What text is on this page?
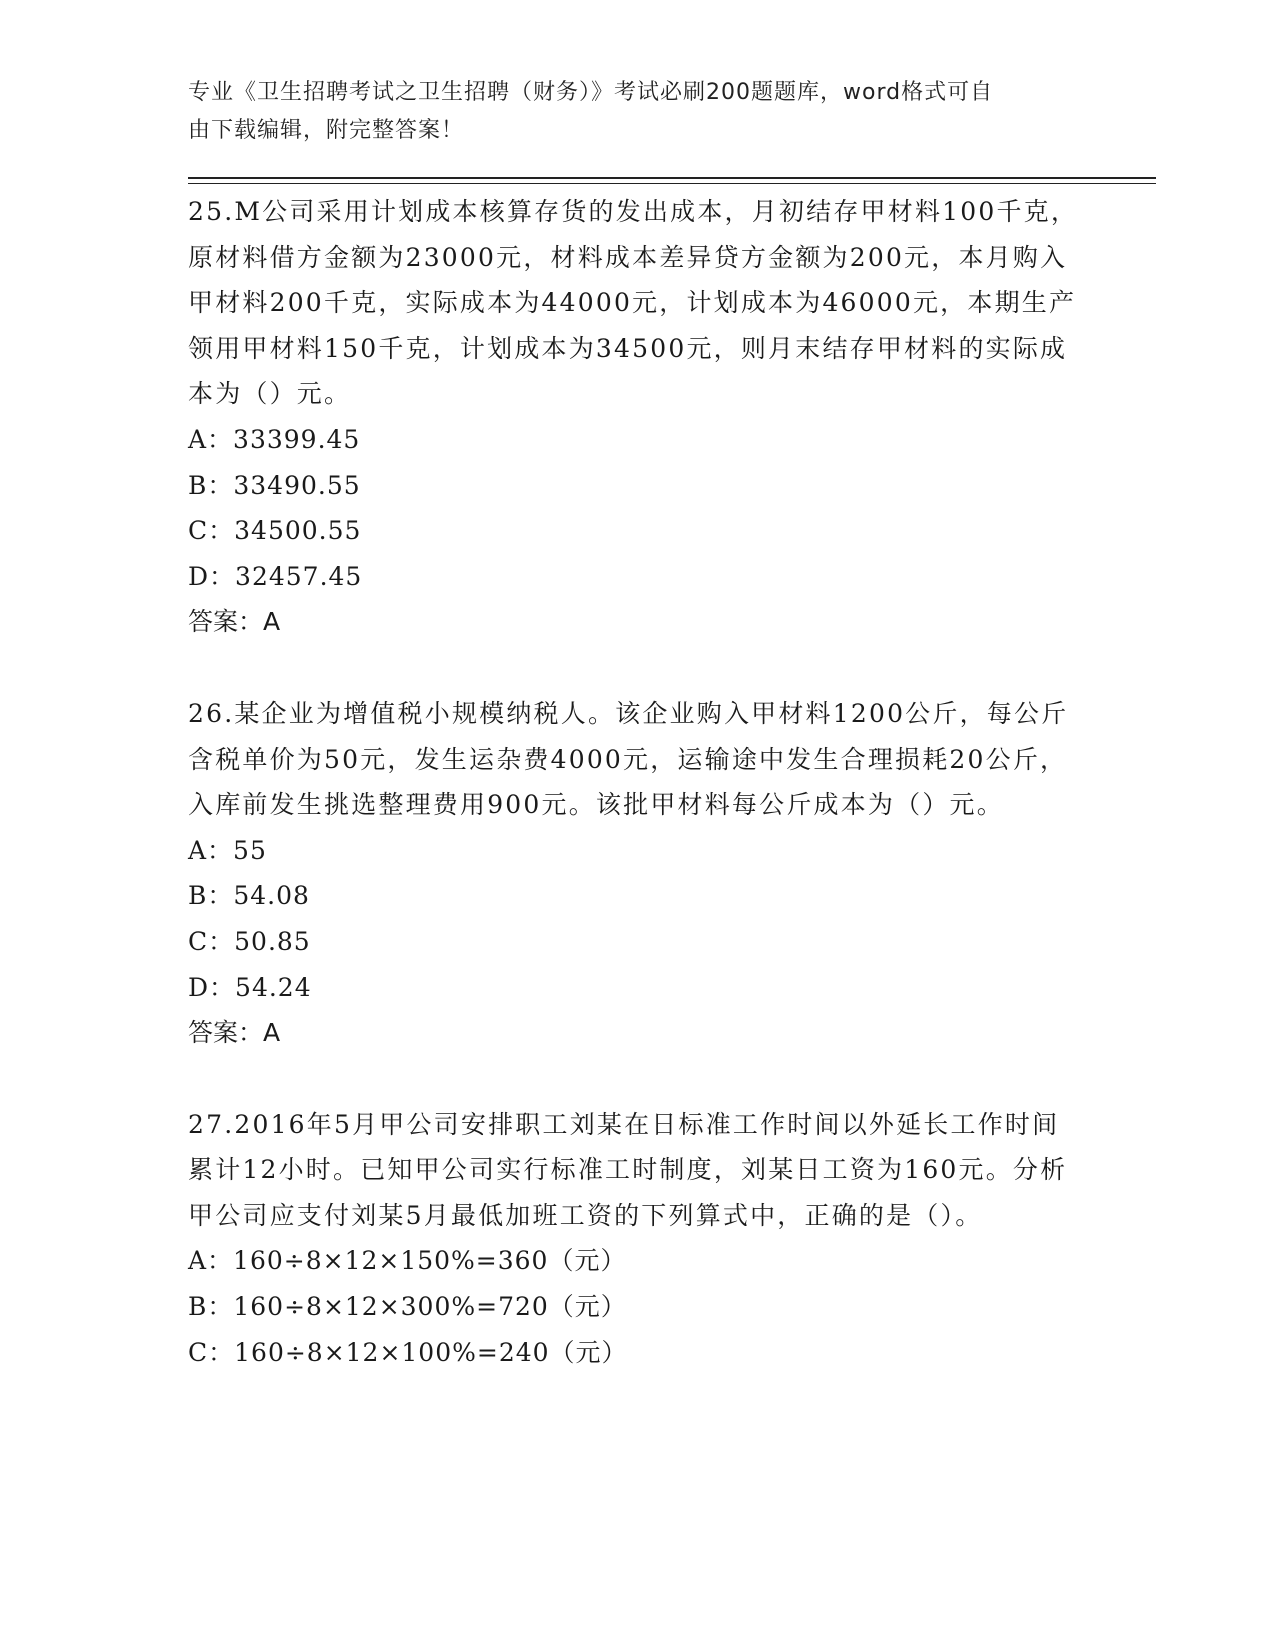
专业《卫生招聘考试之卫生招聘（财务）》考试必刷200题题库，word格式可自
由下载编辑，附完整答案！

25.M公司采用计划成本核算存货的发出成本，月初结存甲材料100千克，原材料借方金额为23000元，材料成本差异贷方金额为200元，本月购入甲材料200千克，实际成本为44000元，计划成本为46000元，本期生产领用甲材料150千克，计划成本为34500元，则月末结存甲材料的实际成本为（）元。

A：33399.45
B：33490.55
C：34500.55
D：32457.45

答案：A

26.某企业为增值税小规模纳税人。该企业购入甲材料1200公斤，每公斤含税单价为50元，发生运杂费4000元，运输途中发生合理损耗20公斤，入库前发生挑选整理费用900元。该批甲材料每公斤成本为（）元。

A：55
B：54.08
C：50.85
D：54.24

答案：A

27.2016年5月甲公司安排职工刘某在日标准工作时间以外延长工作时间累计12小时。已知甲公司实行标准工时制度，刘某日工资为160元。分析甲公司应支付刘某5月最低加班工资的下列算式中，正确的是（）。

A：160÷8×12×150%=360（元）
B：160÷8×12×300%=720（元）
C：160÷8×12×100%=240（元）
